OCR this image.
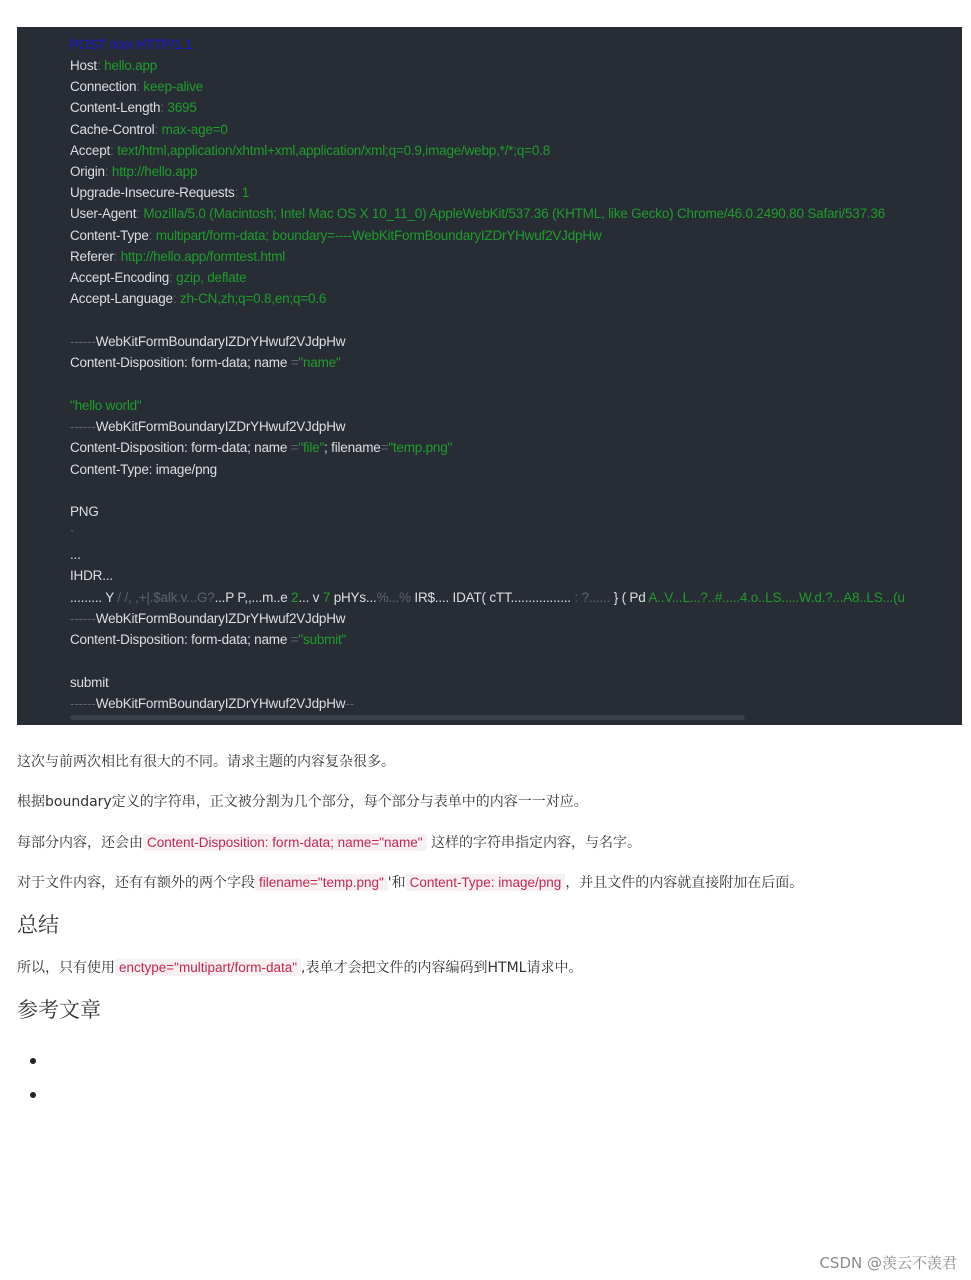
POST /xxx HTTP/1.1
Host: hello.app
Connection: keep-alive
Content-Length: 3695
Cache-Control: max-age=0
Accept: text/html,application/xhtml+xml,application/xml;q=0.9,image/webp,*/*;q=0.8
Origin: http://hello.app
Upgrade-Insecure-Requests: 1
User-Agent: Mozilla/5.0 (Macintosh; Intel Mac OS X 10_11_0) AppleWebKit/537.36 (KHTML, like Gecko) Chrome/46.0.2490.80 Safari/537.36
Content-Type: multipart/form-data; boundary=----WebKitFormBoundaryIZDrYHwuf2VJdpHw
Referer: http://hello.app/formtest.html
Accept-Encoding: gzip, deflate
Accept-Language: zh-CN,zh;q=0.8,en;q=0.6
------WebKitFormBoundaryIZDrYHwuf2VJdpHw
Content-Disposition: form-data; name ="name"
"hello world"
------WebKitFormBoundaryIZDrYHwuf2VJdpHw
Content-Disposition: form-data; name ="file"; filename="temp.png"
Content-Type: image/png
PNG
`
...
IHDR...
......... Y / /, ,+|.$alk.v...G?...P P,,...m..e 2... v 7 pHYs...%...% IR$.... IDAT( cTT................. : ?...... } ( Pd A..V...L...?..#.....4.o..LS.....W.d.?...A8..LS...(u
------WebKitFormBoundaryIZDrYHwuf2VJdpHw
Content-Disposition: form-data; name ="submit"
submit
------WebKitFormBoundaryIZDrYHwuf2VJdpHw--
这次与前两次相比有很大的不同。请求主题的内容复杂很多。
根据boundary定义的字符串，正文被分割为几个部分，每个部分与表单中的内容一一对应。
每部分内容，还会由 Content-Disposition: form-data; name="name" 这样的字符串指定内容，与名字。
对于文件内容，还有有额外的两个字段 filename="temp.png" '和 Content-Type: image/png ，并且文件的内容就直接附加在后面。
总结
所以，只有使用 enctype="multipart/form-data" ,表单才会把文件的内容编码到HTML请求中。
参考文章
CSDN @羡云不羡君
